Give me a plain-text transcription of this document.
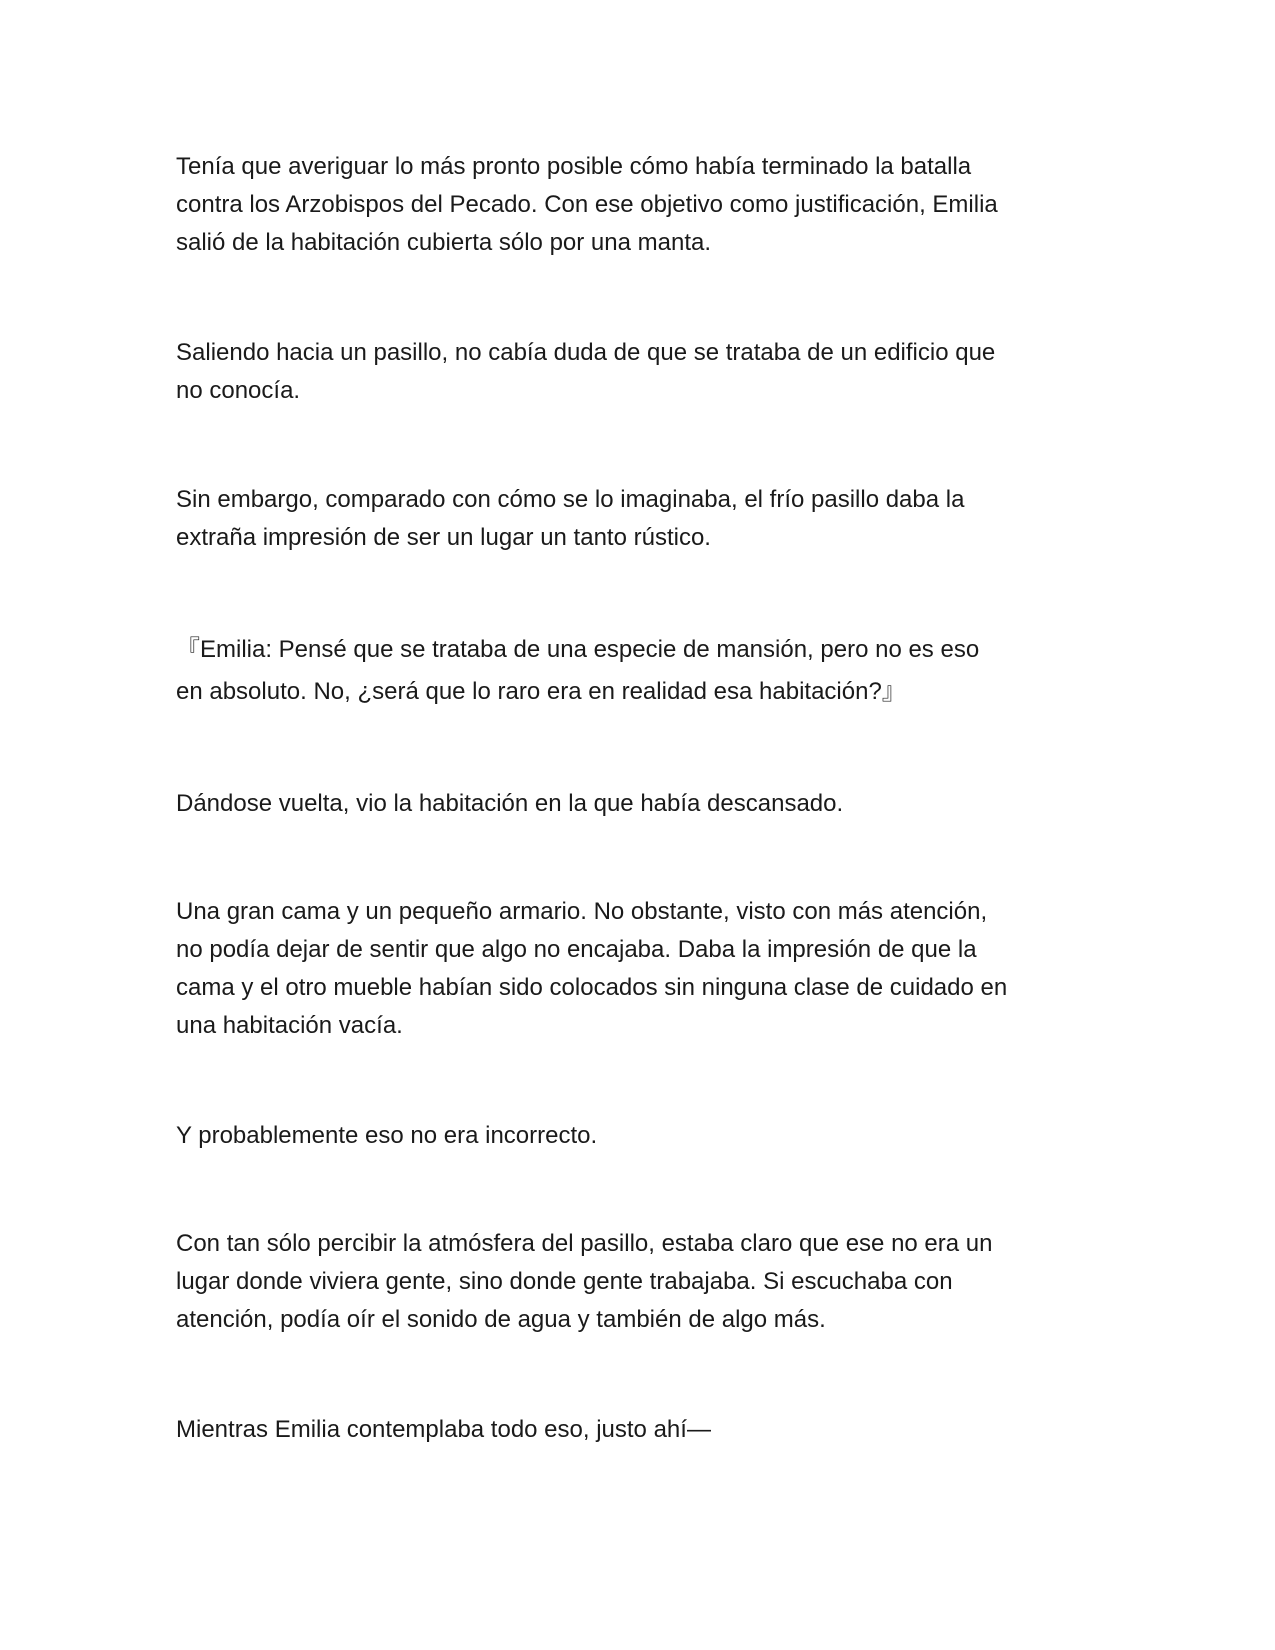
Tenía que averiguar lo más pronto posible cómo había terminado la batalla
contra los Arzobispos del Pecado. Con ese objetivo como justificación, Emilia
salió de la habitación cubierta sólo por una manta.

Saliendo hacia un pasillo, no cabía duda de que se trataba de un edificio que
no conocía.

Sin embargo, comparado con cómo se lo imaginaba, el frío pasillo daba la
extraña impresión de ser un lugar un tanto rústico.

『Emilia: Pensé que se trataba de una especie de mansión, pero no es eso
en absoluto. No, ¿será que lo raro era en realidad esa habitación?』

Dándose vuelta, vio la habitación en la que había descansado.

Una gran cama y un pequeño armario. No obstante, visto con más atención,
no podía dejar de sentir que algo no encajaba. Daba la impresión de que la
cama y el otro mueble habían sido colocados sin ninguna clase de cuidado en
una habitación vacía.

Y probablemente eso no era incorrecto.

Con tan sólo percibir la atmósfera del pasillo, estaba claro que ese no era un
lugar donde viviera gente, sino donde gente trabajaba. Si escuchaba con
atención, podía oír el sonido de agua y también de algo más.

Mientras Emilia contemplaba todo eso, justo ahí—
